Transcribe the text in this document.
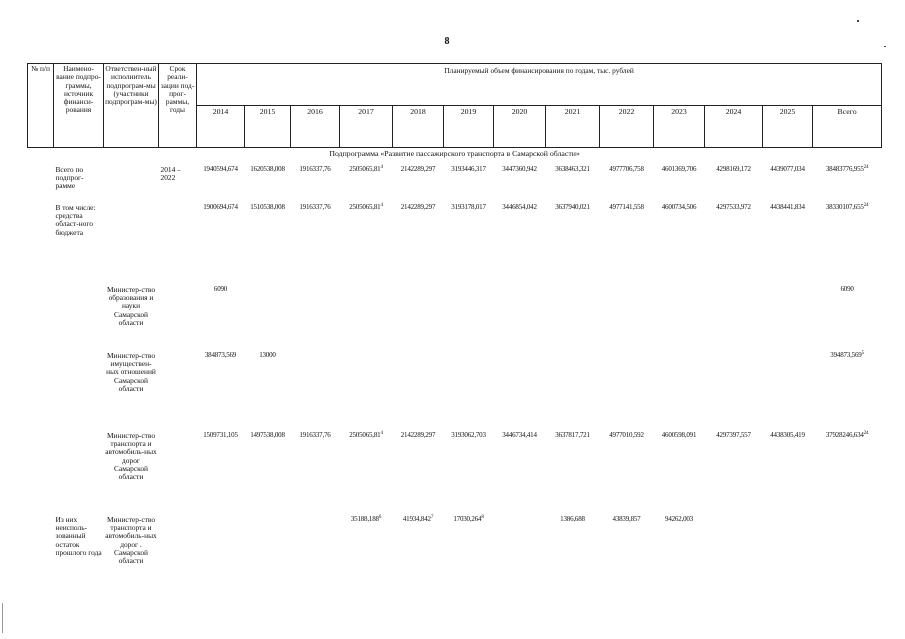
8
№ п/п	Наимено-вание подпро-граммы, источник финанси-рования	Ответствен-ный исполнитель подпрограм-мы (участники подпрограм-мы)	Срок реали-зации под-прог-раммы, годы	Планируемый объем финансирования по годам, тыс. рублей												
				2014	2015	2016	2017	2018	2019	2020	2021	2022	2023	2024	2025	Всего
Подпрограмма «Развитие пассажирского транспорта в Самарской области»																
	Всего по подпрог-рамме		2014 – 2022	1940594,674	1620538,008	1916337,76	2505065,81$^4$	2142289,297	3193446,317	3447360,942	3638463,321	4977706,758	4601369,706	4298169,172	4439077,034	38483776,955$^{24}$
	В том числе: средства област-ного бюджета			1900694,674	1510538,008	1916337,76	2505065,81$^4$	2142289,297	3193178,017	3446854,042	3637940,021	4977141,558	4600734,506	4297533,972	4438441,834	38330107,655$^{24}$
		Министер-ство образования и науки Самарской области		6090												6090
		Министер-ство имуществен-ных отношений Самарской области		384873,569	13000											394873,569$^5$
		Министер-ство транспорта и автомобиль-ных дорог Самарской области		1509731,105	1497538,008	1916337,76	2505065,81$^4$	2142289,297	3193062,703	3446734,414	3637817,721	4977010,592	4600598,091	4297397,557	4438305,419	37928246,634$^{24}$
	Из них неисполь-зованный остаток прошлого года	Министер-ство транспорта и автомобиль-ных дорог . Самарской области					35188,188$^6$	41934,842$^7$	17030,264$^8$		1386,688	43839,857	94262,003			
